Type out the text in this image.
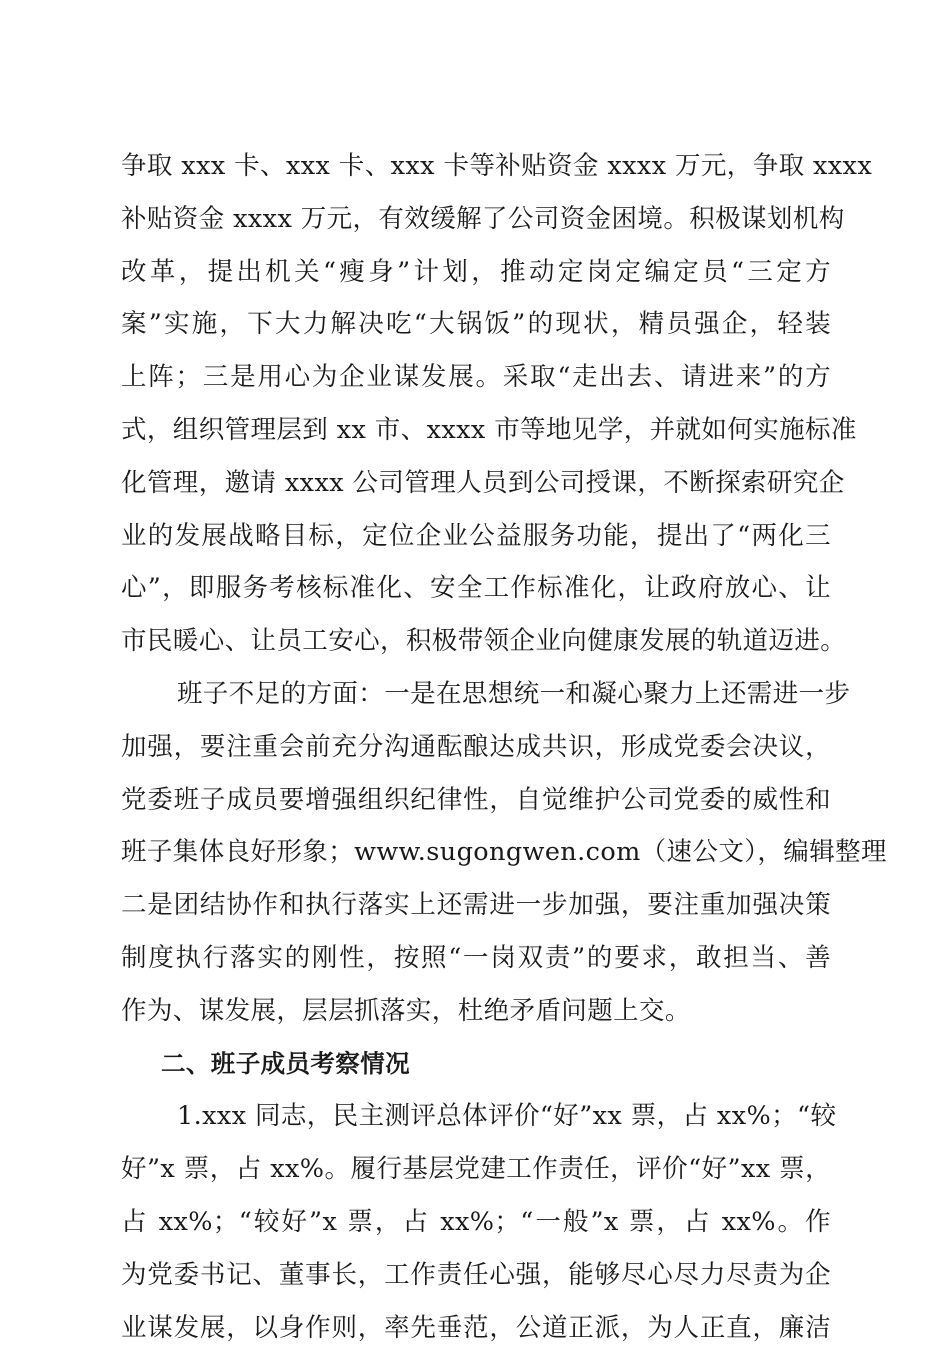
争取 xxx 卡、xxx 卡、xxx 卡等补贴资金 xxxx 万元，争取 xxxx
补贴资金 xxxx 万元，有效缓解了公司资金困境。积极谋划机构
改革，提出机关“瘦身”计划，推动定岗定编定员“三定方
案”实施，下大力解决吃“大锅饭”的现状，精员强企，轻装
上阵；三是用心为企业谋发展。采取“走出去、请进来”的方
式，组织管理层到 xx 市、xxxx 市等地见学，并就如何实施标准
化管理，邀请 xxxx 公司管理人员到公司授课，不断探索研究企
业的发展战略目标，定位企业公益服务功能，提出了“两化三
心”，即服务考核标准化、安全工作标准化，让政府放心、让
市民暖心、让员工安心，积极带领企业向健康发展的轨道迈进。
班子不足的方面：一是在思想统一和凝心聚力上还需进一步
加强，要注重会前充分沟通酝酿达成共识，形成党委会决议，
党委班子成员要增强组织纪律性，自觉维护公司党委的威性和
班子集体良好形象；www.sugongwen.com（速公文），编辑整理
二是团结协作和执行落实上还需进一步加强，要注重加强决策
制度执行落实的刚性，按照“一岗双责”的要求，敢担当、善
作为、谋发展，层层抓落实，杜绝矛盾问题上交。
二、班子成员考察情况
1.xxx 同志，民主测评总体评价“好”xx 票，占 xx%；“较
好”x 票，占 xx%。履行基层党建工作责任，评价“好”xx 票，
占 xx%；“较好”x 票，占 xx%；“一般”x 票，占 xx%。作
为党委书记、董事长，工作责任心强，能够尽心尽力尽责为企
业谋发展，以身作则，率先垂范，公道正派，为人正直，廉洁
